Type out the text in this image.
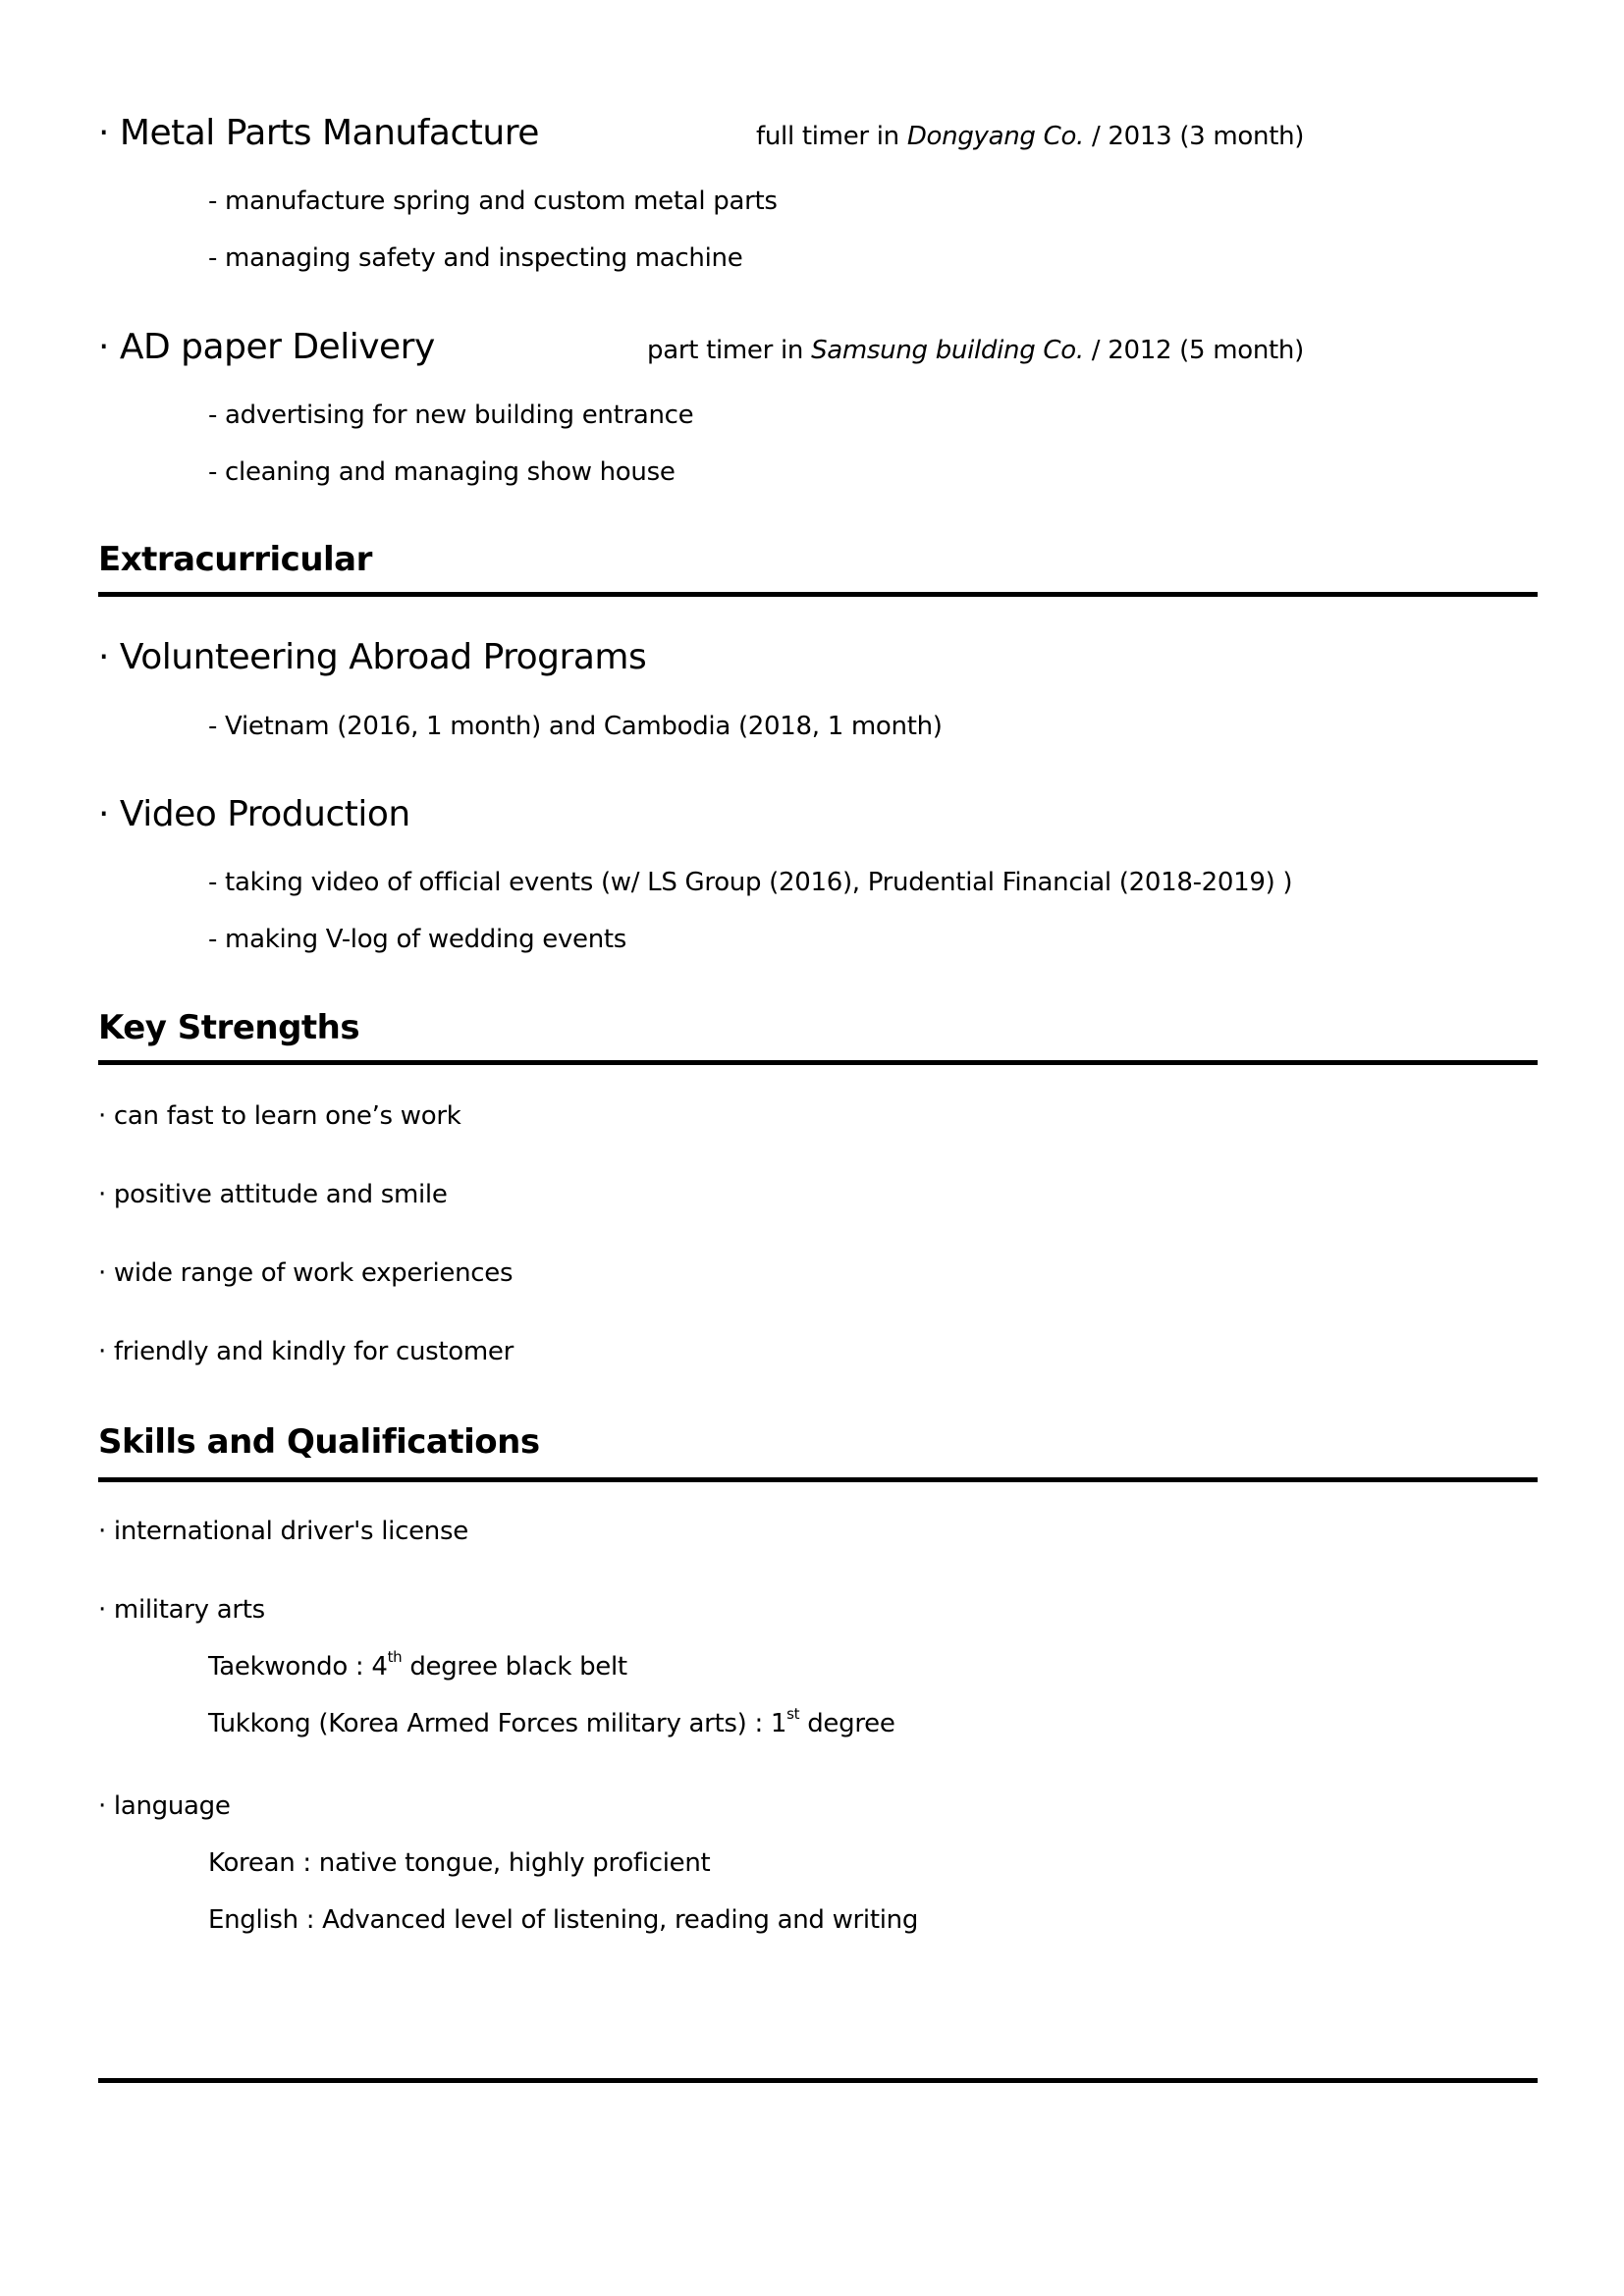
· Metal Parts Manufacture	full timer in Dongyang Co. / 2013 (3 month)
- manufacture spring and custom metal parts
- managing safety and inspecting machine
· AD paper Delivery	part timer in Samsung building Co. / 2012 (5 month)
- advertising for new building entrance
- cleaning and managing show house
Extracurricular
· Volunteering Abroad Programs
- Vietnam (2016, 1 month) and Cambodia (2018, 1 month)
· Video Production
- taking video of official events (w/ LS Group (2016), Prudential Financial (2018-2019) )
- making V-log of wedding events
Key Strengths
· can fast to learn one’s work
· positive attitude and smile
· wide range of work experiences
· friendly and kindly for customer
Skills and Qualifications
· international driver's license
· military arts
Taekwondo : 4th degree black belt
Tukkong (Korea Armed Forces military arts) : 1st degree
· language
Korean : native tongue, highly proficient
English : Advanced level of listening, reading and writing
